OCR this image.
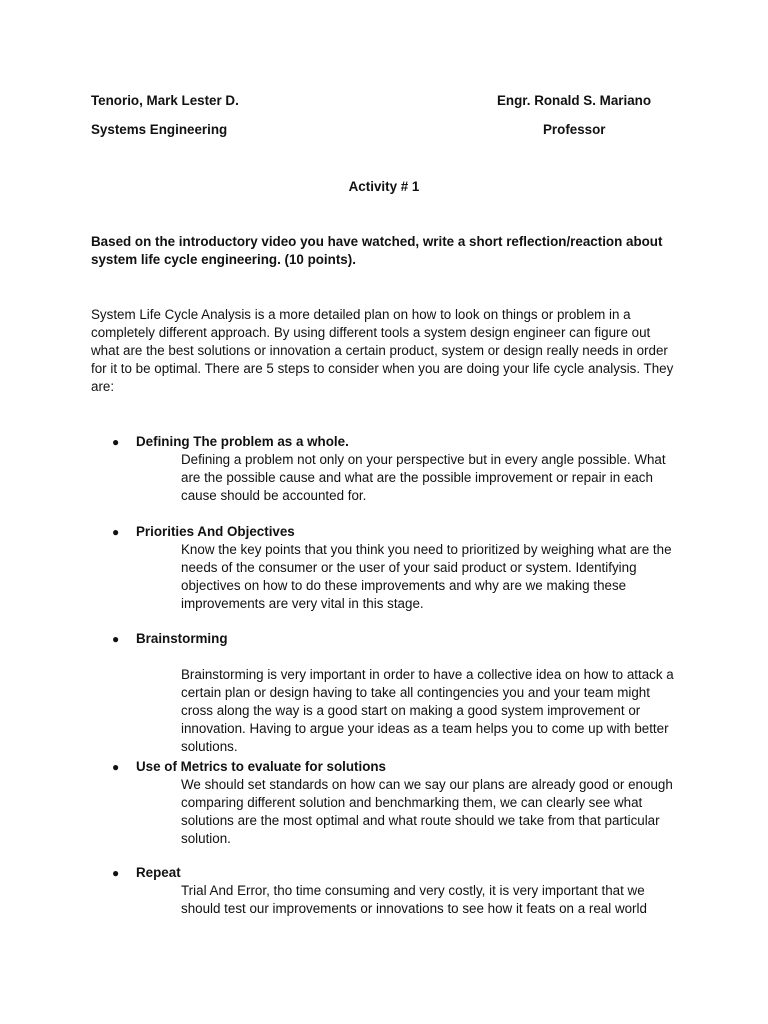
Tenorio, Mark Lester D.
Systems Engineering
Engr. Ronald S. Mariano
Professor
Activity # 1
Based on the introductory video you have watched, write a short reflection/reaction about system life cycle engineering. (10 points).
System Life Cycle Analysis is a more detailed plan on how to look on things or problem in a completely different approach. By using different tools a system design engineer can figure out what are the best solutions or innovation a certain product, system or design really needs in order for it to be optimal. There are 5 steps to consider when you are doing your life cycle analysis. They are:
● Defining The problem as a whole.
Defining a problem not only on your perspective but in every angle possible. What are the possible cause and what are the possible improvement or repair in each cause should be accounted for.
● Priorities And Objectives
Know the key points that you think you need to prioritized by weighing what are the needs of the consumer or the user of your said product or system. Identifying objectives on how to do these improvements and why are we making these improvements are very vital in this stage.
● Brainstorming
Brainstorming is very important in order to have a collective idea on how to attack a certain plan or design having to take all contingencies you and your team might cross along the way is a good start on making a good system improvement or innovation. Having to argue your ideas as a team helps you to come up with better solutions.
● Use of Metrics to evaluate for solutions
We should set standards on how can we say our plans are already good or enough comparing different solution and benchmarking them, we can clearly see what solutions are the most optimal and what route should we take from that particular solution.
● Repeat
Trial And Error, tho time consuming and very costly, it is very important that we should test our improvements or innovations to see how it feats on a real world
